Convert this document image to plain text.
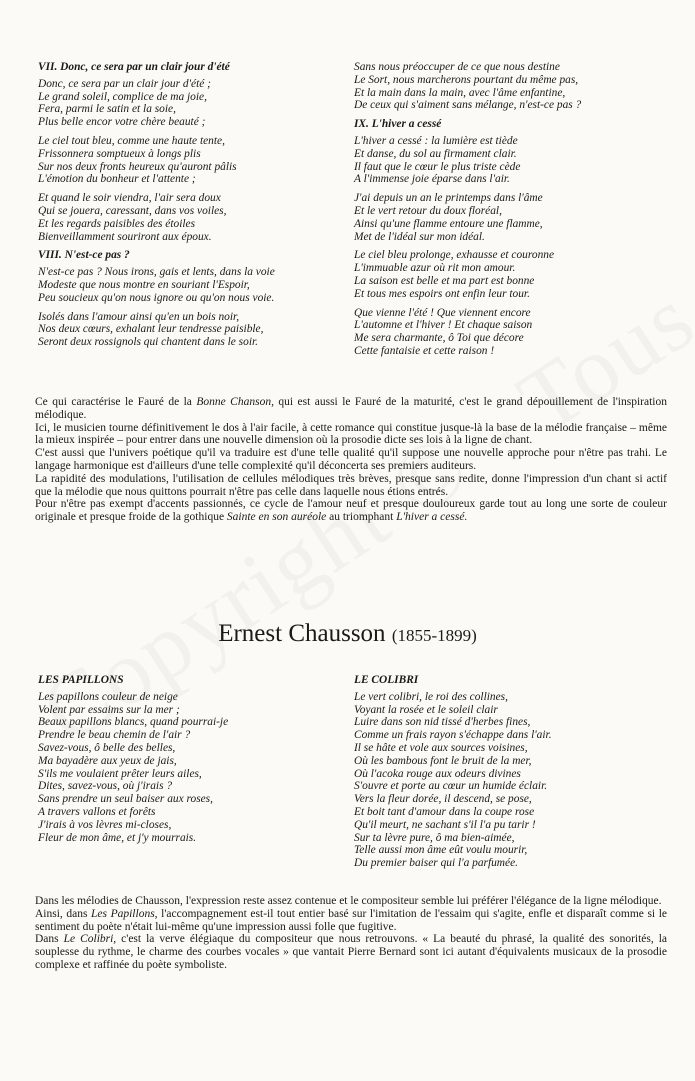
VII. Donc, ce sera par un clair jour d'été
Donc, ce sera par un clair jour d'été ;
Le grand soleil, complice de ma joie,
Fera, parmi le satin et la soie,
Plus belle encor votre chère beauté ;
Le ciel tout bleu, comme une haute tente,
Frissonnera somptueux à longs plis
Sur nos deux fronts heureux qu'auront pâlis
L'émotion du bonheur et l'attente ;
Et quand le soir viendra, l'air sera doux
Qui se jouera, caressant, dans vos voiles,
Et les regards paisibles des étoiles
Bienveillamment souriront aux époux.
VIII. N'est-ce pas ?
N'est-ce pas ? Nous irons, gais et lents, dans la voie
Modeste que nous montre en souriant l'Espoir,
Peu soucieux qu'on nous ignore ou qu'on nous voie.
Isolés dans l'amour ainsi qu'en un bois noir,
Nos deux cœurs, exhalant leur tendresse paisible,
Seront deux rossignols qui chantent dans le soir.
Sans nous préoccuper de ce que nous destine
Le Sort, nous marcherons pourtant du même pas,
Et la main dans la main, avec l'âme enfantine,
De ceux qui s'aiment sans mélange, n'est-ce pas ?
IX. L'hiver a cessé
L'hiver a cessé : la lumière est tiède
Et danse, du sol au firmament clair.
Il faut que le cœur le plus triste cède
A l'immense joie éparse dans l'air.
J'ai depuis un an le printemps dans l'âme
Et le vert retour du doux floréal,
Ainsi qu'une flamme entoure une flamme,
Met de l'idéal sur mon idéal.
Le ciel bleu prolonge, exhausse et couronne
L'immuable azur où rit mon amour.
La saison est belle et ma part est bonne
Et tous mes espoirs ont enfin leur tour.
Que vienne l'été ! Que viennent encore
L'automne et l'hiver ! Et chaque saison
Me sera charmante, ô Toi que décore
Cette fantaisie et cette raison !

Ce qui caractérise le Fauré de la Bonne Chanson, qui est aussi le Fauré de la maturité, c'est le grand dépouillement de l'inspiration mélodique.

Ici, le musicien tourne définitivement le dos à l'air facile, à cette romance qui constitue jusque-là la base de la mélodie française – même la mieux inspirée – pour entrer dans une nouvelle dimension où la prosodie dicte ses lois à la ligne de chant.

C'est aussi que l'univers poétique qu'il va traduire est d'une telle qualité qu'il suppose une nouvelle approche pour n'être pas trahi. Le langage harmonique est d'ailleurs d'une telle complexité qu'il déconcerta ses premiers auditeurs.

La rapidité des modulations, l'utilisation de cellules mélodiques très brèves, presque sans redite, donne l'impression d'un chant si actif que la mélodie que nous quittons pourrait n'être pas celle dans laquelle nous étions entrés.

Pour n'être pas exempt d'accents passionnés, ce cycle de l'amour neuf et presque douloureux garde tout au long une sorte de couleur originale et presque froide de la gothique Sainte en son auréole au triomphant L'hiver a cessé.

Ernest Chausson (1855-1899)
LES PAPILLONS
Les papillons couleur de neige
Volent par essaims sur la mer ;
Beaux papillons blancs, quand pourrai-je
Prendre le beau chemin de l'air ?
Savez-vous, ô belle des belles,
Ma bayadère aux yeux de jais,
S'ils me voulaient prêter leurs ailes,
Dites, savez-vous, où j'irais ?
Sans prendre un seul baiser aux roses,
A travers vallons et forêts
J'irais à vos lèvres mi-closes,
Fleur de mon âme, et j'y mourrais.
LE COLIBRI
Le vert colibri, le roi des collines,
Voyant la rosée et le soleil clair
Luire dans son nid tissé d'herbes fines,
Comme un frais rayon s'échappe dans l'air.
Il se hâte et vole aux sources voisines,
Où les bambous font le bruit de la mer,
Où l'acoka rouge aux odeurs divines
S'ouvre et porte au cœur un humide éclair.
Vers la fleur dorée, il descend, se pose,
Et boit tant d'amour dans la coupe rose
Qu'il meurt, ne sachant s'il l'a pu tarir !
Sur ta lèvre pure, ô ma bien-aimée,
Telle aussi mon âme eût voulu mourir,
Du premier baiser qui l'a parfumée.

Dans les mélodies de Chausson, l'expression reste assez contenue et le compositeur semble lui préférer l'élégance de la ligne mélodique.

Ainsi, dans Les Papillons, l'accompagnement est-il tout entier basé sur l'imitation de l'essaim qui s'agite, enfle et disparaît comme si le sentiment du poète n'était lui-même qu'une impression aussi folle que fugitive.

Dans Le Colibri, c'est la verve élégiaque du compositeur que nous retrouvons. « La beauté du phrasé, la qualité des sonorités, la souplesse du rythme, le charme des courbes vocales » que vantait Pierre Bernard sont ici autant d'équivalents musicaux de la prosodie complexe et raffinée du poète symboliste.
